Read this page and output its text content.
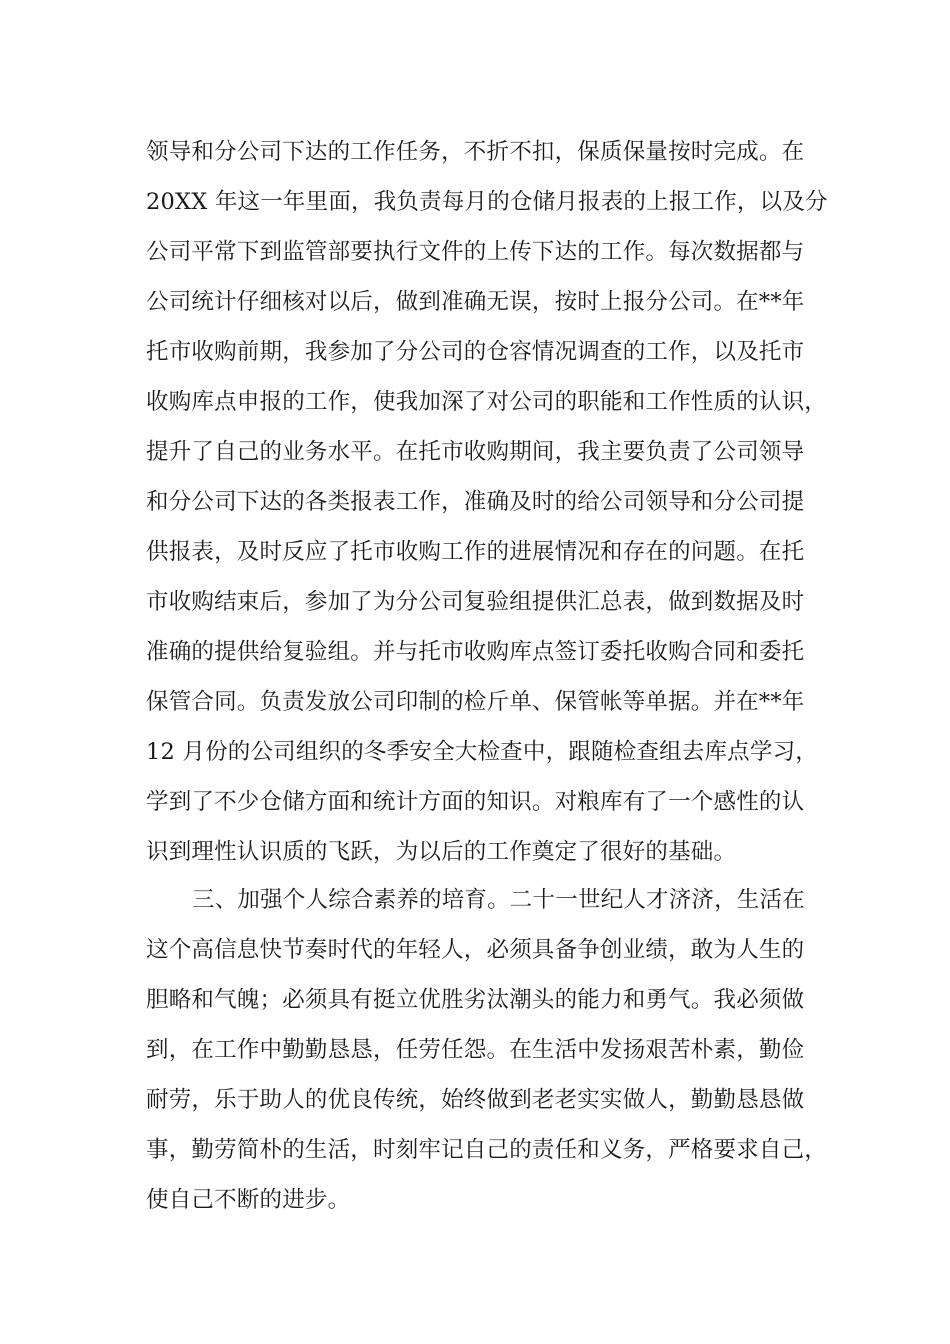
领导和分公司下达的工作任务，不折不扣，保质保量按时完成。在
20XX 年这一年里面，我负责每月的仓储月报表的上报工作，以及分
公司平常下到监管部要执行文件的上传下达的工作。每次数据都与
公司统计仔细核对以后，做到准确无误，按时上报分公司。在**年
托市收购前期，我参加了分公司的仓容情况调查的工作，以及托市
收购库点申报的工作，使我加深了对公司的职能和工作性质的认识，
提升了自己的业务水平。在托市收购期间，我主要负责了公司领导
和分公司下达的各类报表工作，准确及时的给公司领导和分公司提
供报表，及时反应了托市收购工作的进展情况和存在的问题。在托
市收购结束后，参加了为分公司复验组提供汇总表，做到数据及时
准确的提供给复验组。并与托市收购库点签订委托收购合同和委托
保管合同。负责发放公司印制的检斤单、保管帐等单据。并在**年
12 月份的公司组织的冬季安全大检查中，跟随检查组去库点学习，
学到了不少仓储方面和统计方面的知识。对粮库有了一个感性的认
识到理性认识质的飞跃，为以后的工作奠定了很好的基础。
三、加强个人综合素养的培育。二十一世纪人才济济，生活在
这个高信息快节奏时代的年轻人，必须具备争创业绩，敢为人生的
胆略和气魄；必须具有挺立优胜劣汰潮头的能力和勇气。我必须做
到，在工作中勤勤恳恳，任劳任怨。在生活中发扬艰苦朴素，勤俭
耐劳，乐于助人的优良传统，始终做到老老实实做人，勤勤恳恳做
事，勤劳简朴的生活，时刻牢记自己的责任和义务，严格要求自己，
使自己不断的进步。
